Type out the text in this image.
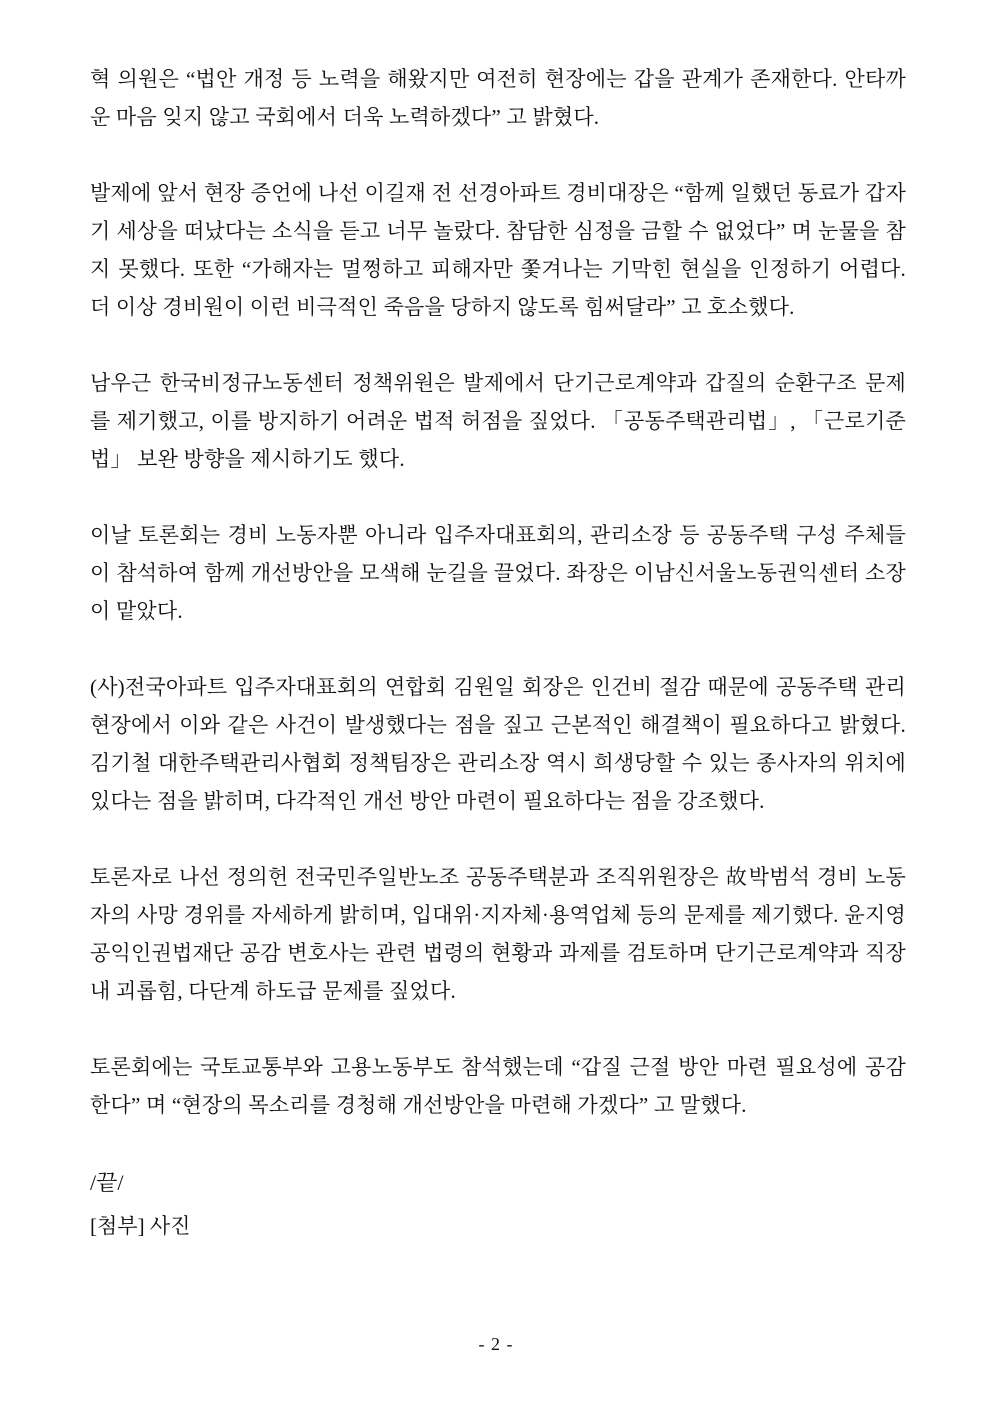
혁 의원은 “법안 개정 등 노력을 해왔지만 여전히 현장에는 갑을 관계가 존재한다. 안타까운 마음 잊지 않고 국회에서 더욱 노력하겠다” 고 밝혔다.

발제에 앞서 현장 증언에 나선 이길재 전 선경아파트 경비대장은 “함께 일했던 동료가 갑자기 세상을 떠났다는 소식을 듣고 너무 놀랐다. 참담한 심정을 금할 수 없었다” 며 눈물을 참지 못했다. 또한 “가해자는 멀쩡하고 피해자만 쫓겨나는 기막힌 현실을 인정하기 어렵다. 더 이상 경비원이 이런 비극적인 죽음을 당하지 않도록 힘써달라” 고 호소했다.

남우근 한국비정규노동센터 정책위원은 발제에서 단기근로계약과 갑질의 순환구조 문제를 제기했고, 이를 방지하기 어려운 법적 허점을 짚었다. 「공동주택관리법」, 「근로기준법」 보완 방향을 제시하기도 했다.

이날 토론회는 경비 노동자뿐 아니라 입주자대표회의, 관리소장 등 공동주택 구성 주체들이 참석하여 함께 개선방안을 모색해 눈길을 끌었다. 좌장은 이남신서울노동권익센터 소장이 맡았다.

(사)전국아파트 입주자대표회의 연합회 김원일 회장은 인건비 절감 때문에 공동주택 관리 현장에서 이와 같은 사건이 발생했다는 점을 짚고 근본적인 해결책이 필요하다고 밝혔다. 김기철 대한주택관리사협회 정책팀장은 관리소장 역시 희생당할 수 있는 종사자의 위치에 있다는 점을 밝히며, 다각적인 개선 방안 마련이 필요하다는 점을 강조했다.

토론자로 나선 정의헌 전국민주일반노조 공동주택분과 조직위원장은 故박범석 경비 노동자의 사망 경위를 자세하게 밝히며, 입대위·지자체·용역업체 등의 문제를 제기했다. 윤지영 공익인권법재단 공감 변호사는 관련 법령의 현황과 과제를 검토하며 단기근로계약과 직장 내 괴롭힘, 다단계 하도급 문제를 짚었다.

토론회에는 국토교통부와 고용노동부도 참석했는데 “갑질 근절 방안 마련 필요성에 공감한다” 며 “현장의 목소리를 경청해 개선방안을 마련해 가겠다” 고 말했다.

/끝/

[첨부] 사진

- 2 -
